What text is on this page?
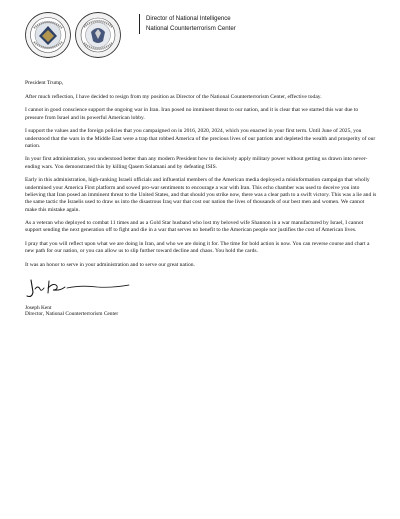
Director of National Intelligence
National Counterterrorism Center

President Trump,

After much reflection, I have decided to resign from my position as Director of the National Counterterrorism Center, effective today.

I cannot in good conscience support the ongoing war in Iran. Iran posed no imminent threat to our nation, and it is clear that we started this war due to pressure from Israel and its powerful American lobby.

I support the values and the foreign policies that you campaigned on in 2016, 2020, 2024, which you enacted in your first term. Until June of 2025, you understood that the wars in the Middle East were a trap that robbed America of the precious lives of our patriots and depleted the wealth and prosperity of our nation.

In your first administration, you understood better than any modern President how to decisively apply military power without getting us drawn into never-ending wars. You demonstrated this by killing Qasem Solamani and by defeating ISIS.

Early in this administration, high-ranking Israeli officials and influential members of the American media deployed a misinformation campaign that wholly undermined your America First platform and sowed pro-war sentiments to encourage a war with Iran. This echo chamber was used to deceive you into believing that Iran posed an imminent threat to the United States, and that should you strike now, there was a clear path to a swift victory. This was a lie and is the same tactic the Israelis used to draw us into the disastrous Iraq war that cost our nation the lives of thousands of our best men and women. We cannot make this mistake again.

As a veteran who deployed to combat 11 times and as a Gold Star husband who lost my beloved wife Shannon in a war manufactured by Israel, I cannot support sending the next generation off to fight and die in a war that serves no benefit to the American people nor justifies the cost of American lives.

I pray that you will reflect upon what we are doing in Iran, and who we are doing it for. The time for bold action is now. You can reverse course and chart a new path for our nation, or you can allow us to slip further toward decline and chaos. You hold the cards.

It was an honor to serve in your administration and to serve our great nation.

Joseph Kent
Director, National Counterterrorism Center
